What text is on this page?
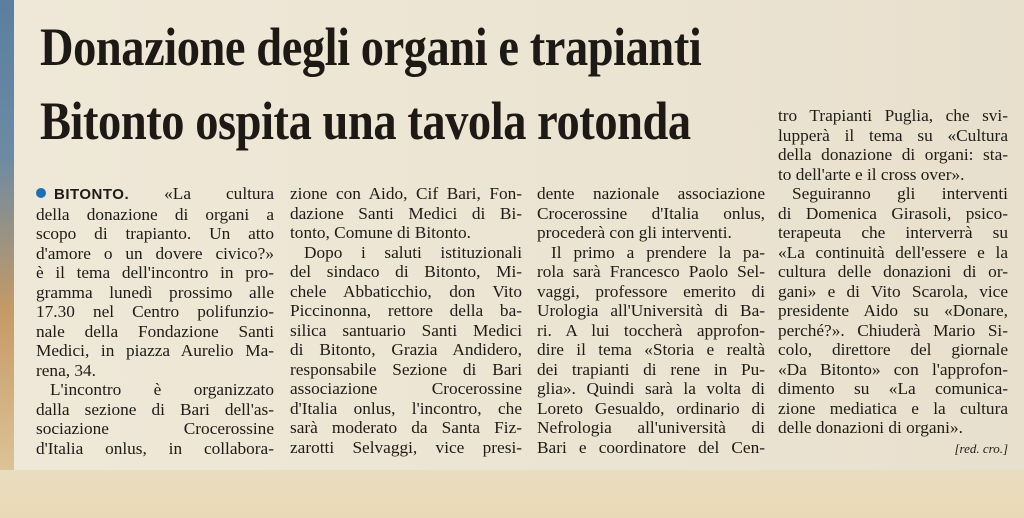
Donazione degli organi e trapianti
Bitonto ospita una tavola rotonda
BITONTO. «La cultura
della donazione di organi a
scopo di trapianto. Un atto
d'amore o un dovere civico?»
è il tema dell'incontro in pro-
gramma lunedì prossimo alle
17.30 nel Centro polifunzio-
nale della Fondazione Santi
Medici, in piazza Aurelio Ma-
rena, 34.
L'incontro è organizzato
dalla sezione di Bari dell'as-
sociazione Crocerossine
d'Italia onlus, in collabora-
zione con Aido, Cif Bari, Fon-
dazione Santi Medici di Bi-
tonto, Comune di Bitonto.
Dopo i saluti istituzionali
del sindaco di Bitonto, Mi-
chele Abbaticchio, don Vito
Piccinonna, rettore della ba-
silica santuario Santi Medici
di Bitonto, Grazia Andidero,
responsabile Sezione di Bari
associazione Crocerossine
d'Italia onlus, l'incontro, che
sarà moderato da Santa Fiz-
zarotti Selvaggi, vice presi-
dente nazionale associazione
Crocerossine d'Italia onlus,
procederà con gli interventi.
Il primo a prendere la pa-
rola sarà Francesco Paolo Sel-
vaggi, professore emerito di
Urologia all'Università di Ba-
ri. A lui toccherà approfon-
dire il tema «Storia e realtà
dei trapianti di rene in Pu-
glia». Quindi sarà la volta di
Loreto Gesualdo, ordinario di
Nefrologia all'università di
Bari e coordinatore del Cen-
tro Trapianti Puglia, che svi-
lupperà il tema su «Cultura
della donazione di organi: sta-
to dell'arte e il cross over».
Seguiranno gli interventi
di Domenica Girasoli, psico-
terapeuta che interverrà su
«La continuità dell'essere e la
cultura delle donazioni di or-
gani» e di Vito Scarola, vice
presidente Aido su «Donare,
perché?». Chiuderà Mario Si-
colo, direttore del giornale
«Da Bitonto» con l'approfon-
dimento su «La comunica-
zione mediatica e la cultura
delle donazioni di organi».
[red. cro.]
